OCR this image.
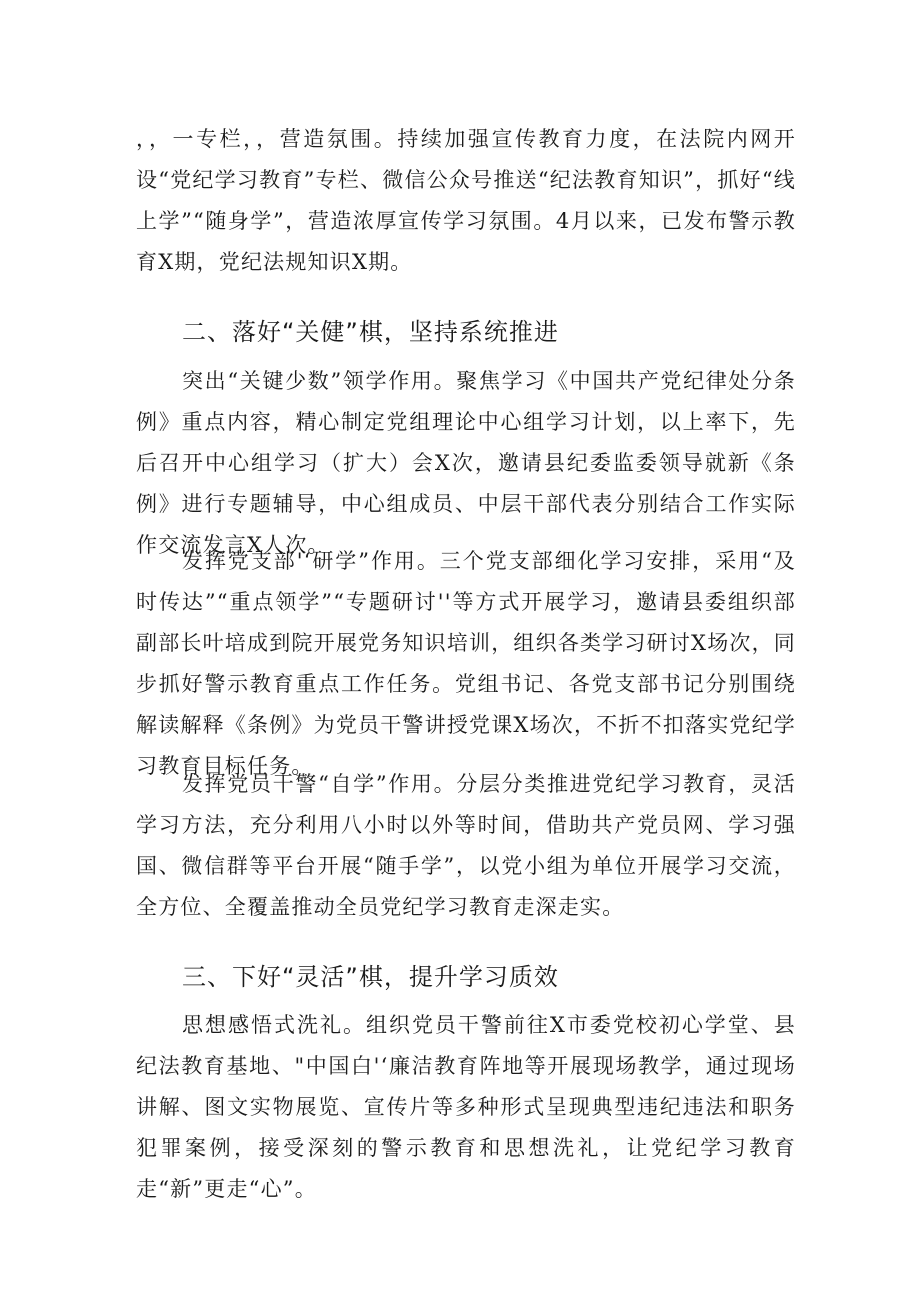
，，一专栏，，营造氛围。持续加强宣传教育力度，在法院内网开设“党纪学习教育”专栏、微信公众号推送“纪法教育知识”，抓好“线上学”“随身学”，营造浓厚宣传学习氛围。4月以来，已发布警示教育X期，党纪法规知识X期。

二、落好“关健”棋，坚持系统推进

突出“关键少数”领学作用。聚焦学习《中国共产党纪律处分条例》重点内容，精心制定党组理论中心组学习计划，以上率下，先后召开中心组学习（扩大）会X次，邀请县纪委监委领导就新《条例》进行专题辅导，中心组成员、中层干部代表分别结合工作实际作交流发言X人次。

发挥党支部'‘研学”作用。三个党支部细化学习安排，采用“及时传达”“重点领学”“专题研讨''等方式开展学习，邀请县委组织部副部长叶培成到院开展党务知识培训，组织各类学习研讨X场次，同步抓好警示教育重点工作任务。党组书记、各党支部书记分别围绕解读解释《条例》为党员干警讲授党课X场次，不折不扣落实党纪学习教育目标任务。

发挥党员干警“自学”作用。分层分类推进党纪学习教育，灵活学习方法，充分利用八小时以外等时间，借助共产党员网、学习强国、微信群等平台开展“随手学”，以党小组为单位开展学习交流，全方位、全覆盖推动全员党纪学习教育走深走实。

三、下好“灵活”棋，提升学习质效

思想感悟式洗礼。组织党员干警前往X市委党校初心学堂、县纪法教育基地、"中国白'‘廉洁教育阵地等开展现场教学，通过现场讲解、图文实物展览、宣传片等多种形式呈现典型违纪违法和职务犯罪案例，接受深刻的警示教育和思想洗礼，让党纪学习教育走“新”更走“心”。
